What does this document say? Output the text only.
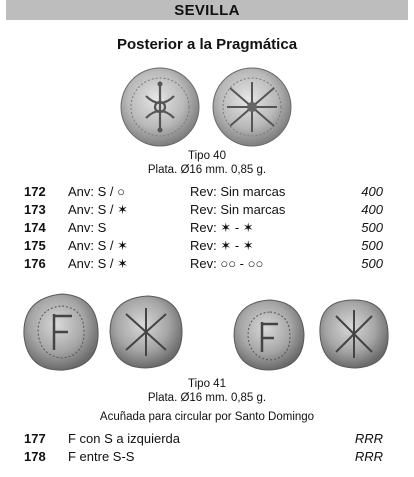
SEVILLA
Posterior a la Pragmática
Tipo 40
Plata. Ø16 mm. 0,85 g.
172 Anv: S / ○	Rev: Sin marcas	400
173 Anv: S / ✶	Rev: Sin marcas	400
174 Anv: S	Rev: ✶ - ✶	500
175 Anv: S / ✶	Rev: ✶ - ✶	500
176 Anv: S / ✶	Rev: ○○ - ○○	500
Tipo 41
Plata. Ø16 mm. 0,85 g.
Acuñada para circular por Santo Domingo
177 F con S a izquierda	RRR
178 F entre S-S	RRR
